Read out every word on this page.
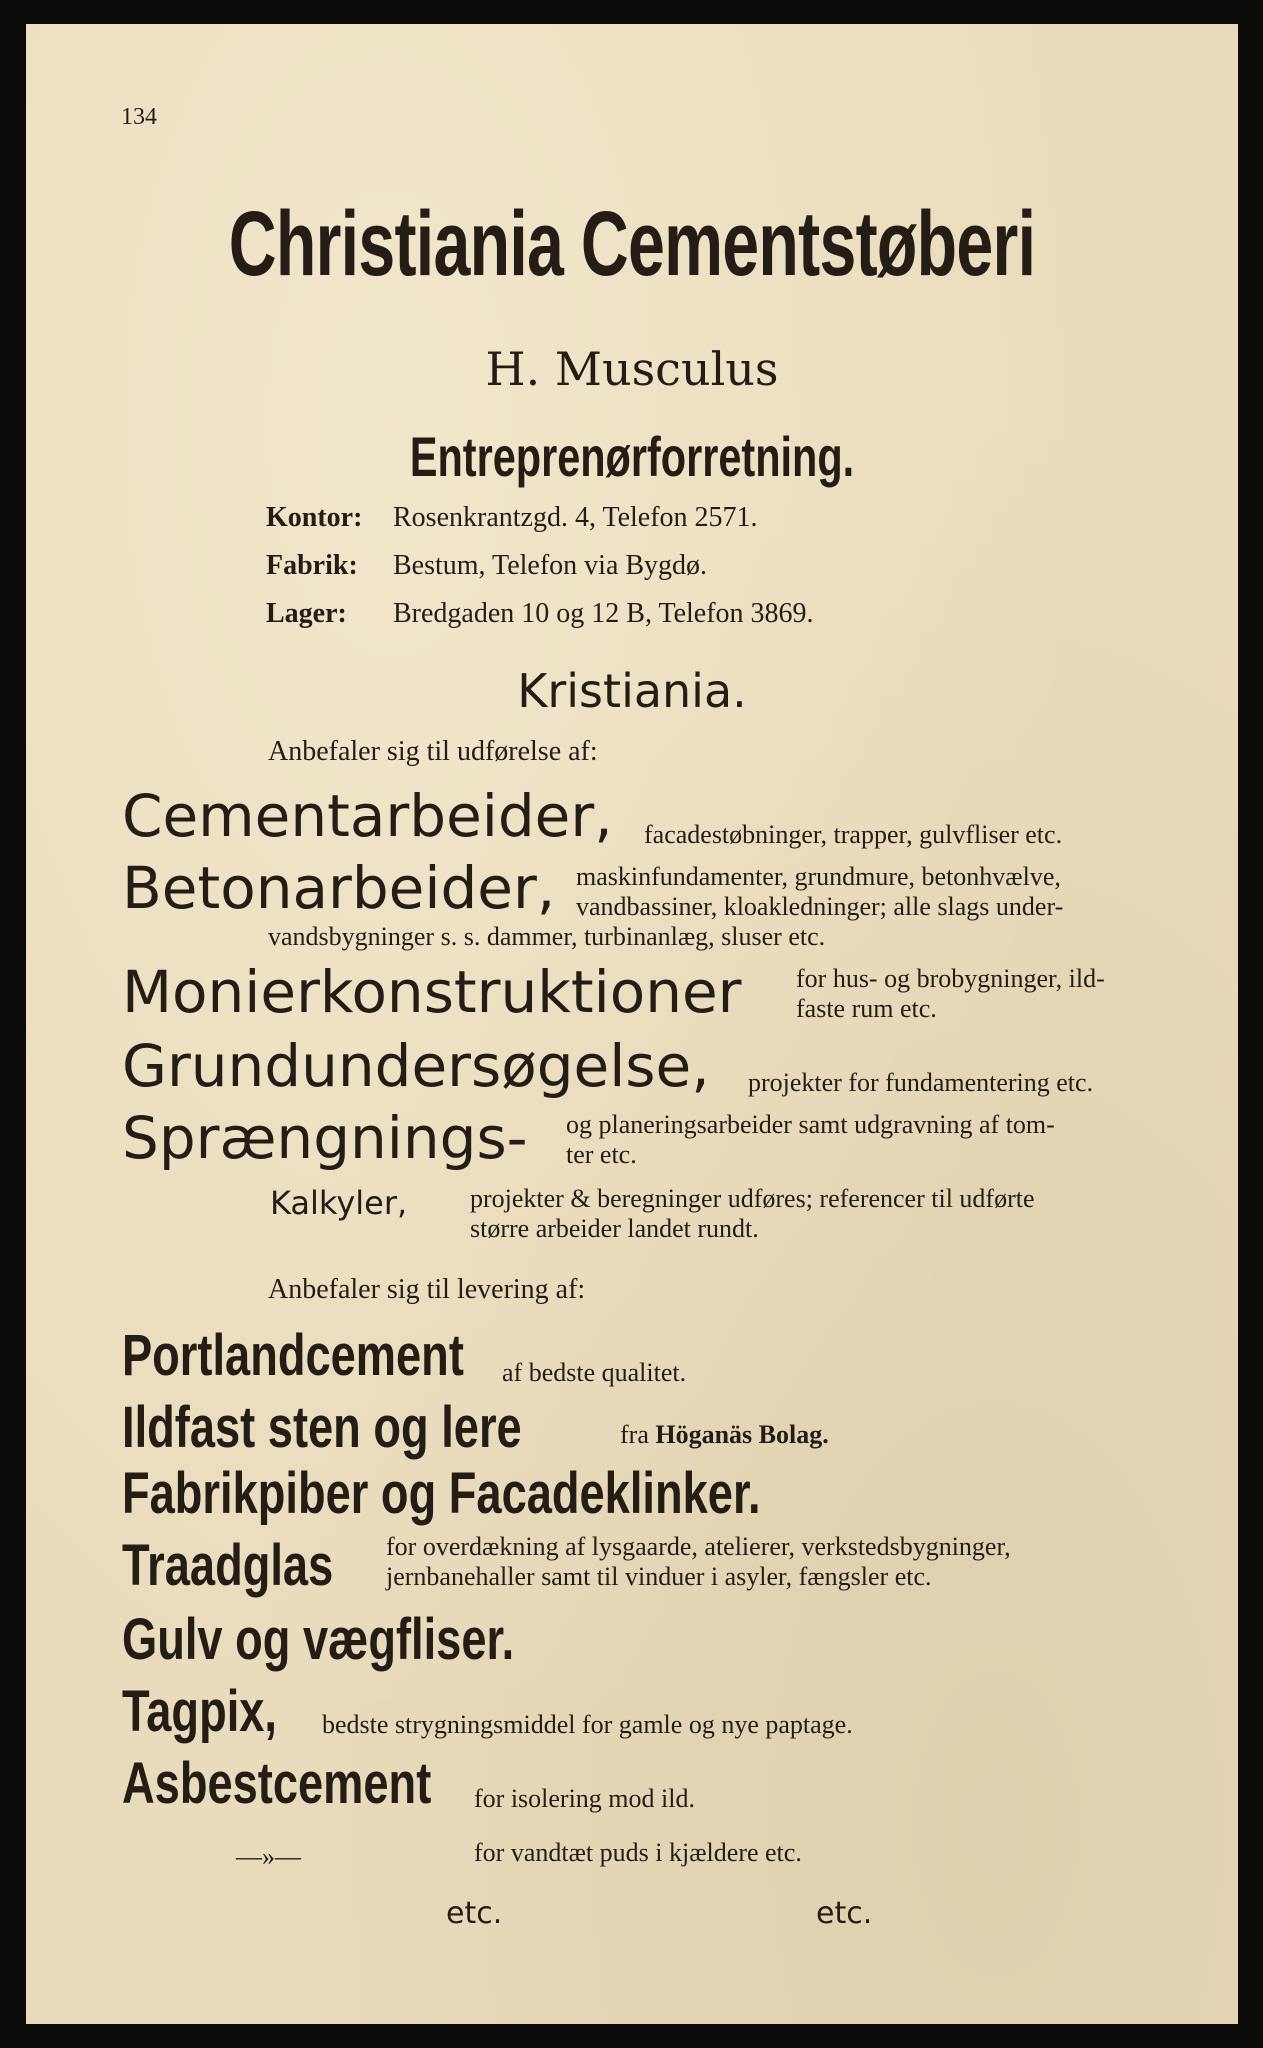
134
Christiania Cementstøberi
H. Musculus
Entreprenørforretning.
Kontor: Rosenkrantzgd. 4, Telefon 2571.
Fabrik: Bestum, Telefon via Bygdø.
Lager: Bredgaden 10 og 12 B, Telefon 3869.
Kristiania.
Anbefaler sig til udførelse af:
Cementarbeider, facadestøbninger, trapper, gulvfliser etc.
Betonarbeider, maskinfundamenter, grundmure, betonhvælve,
vandbassiner, kloakledninger; alle slags under-
vandsbygninger s. s. dammer, turbinanlæg, sluser etc.
Monierkonstruktioner for hus- og brobygninger, ild-
faste rum etc.
Grundundersøgelse, projekter for fundamentering etc.
Sprængnings- og planeringsarbeider samt udgravning af tom-
ter etc.
Kalkyler, projekter & beregninger udføres; referencer til udførte
større arbeider landet rundt.
Anbefaler sig til levering af:
Portlandcement af bedste qualitet.
Ildfast sten og lere	fra Höganäs Bolag.
Fabrikpiber og Facadeklinker.
Traadglas for overdækning af lysgaarde, atelierer, verkstedsbygninger,
jernbanehaller samt til vinduer i asyler, fængsler etc.
Gulv og vægfliser.
Tagpix, bedste strygningsmiddel for gamle og nye paptage.
Asbestcement for isolering mod ild.
—»—	for vandtæt puds i kjældere etc.
etc.	etc.
